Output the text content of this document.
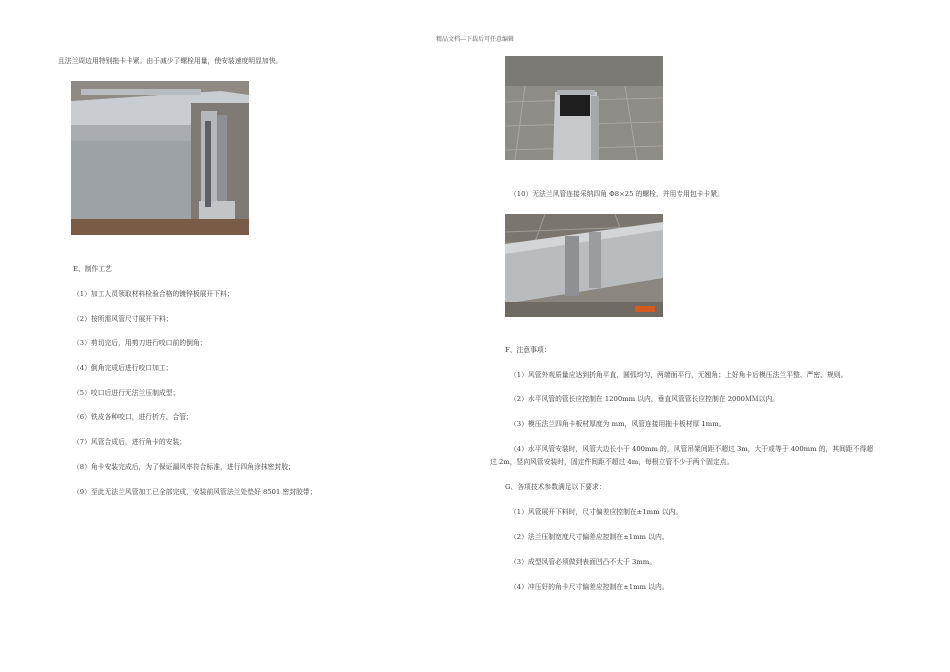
精品文档---下载后可任意编辑
且法兰周边用特别拖卡卡紧。由于减少了螺栓用量，使安装速度明显加快。
E、制作工艺
（1）加工人员领取材料检验合格的镀锌板展开下料；
（2）按所需风管尺寸展开下料；
（3）剪切完后，用剪刀进行咬口前的倒角；
（4）倒角完成后进行咬口加工；
（5）咬口后进行无法兰压制成型；
（6）铁皮各种咬口，进行折方、合管；
（7）风管合成后，进行角卡的安装；
（8）角卡安装完成后，为了保证漏风率符合标准，进行四角涂抹密封胶；
（9）至此无法兰风管加工已全部完成，安装前风管法兰处垫好 8501 密封胶带；
（10）无法兰风管连接采纳四角 Φ8×25 的螺栓，并用专用包卡卡紧。
F、注意事项：
（1）风管外观质量应达到折角平直，圆弧均匀，两端面平行，无翘角；上好角卡后模压法兰平整、严密、规则。
（2）水平风管的管长应控制在 1200mm 以内，垂直风管管长应控制在 2000ＭＭ以内。
（3）模压法兰四角卡板材厚度为 mm，风管连接用拖卡板材厚 1mm。
（4）水平风管安装时，风管大边长小于 400mm 的，风管吊架间距不超过 3m，大于或等于 400mm 的，其间距不得超
过 2m，竖向风管安装时，固定件间距不超过 4m，每根立管不少于两个固定点。
G、各项技术参数满足以下要求：
（1）风管展开下料时，尺寸偏差应控制在±1mm 以内。
（2）法兰压制宽度尺寸偏差应控制在±1mm 以内。
（3）成型风管必须做到表面凹凸不大于 3mm。
（4）冲压好的角卡尺寸偏差应控制在±1mm 以内。
